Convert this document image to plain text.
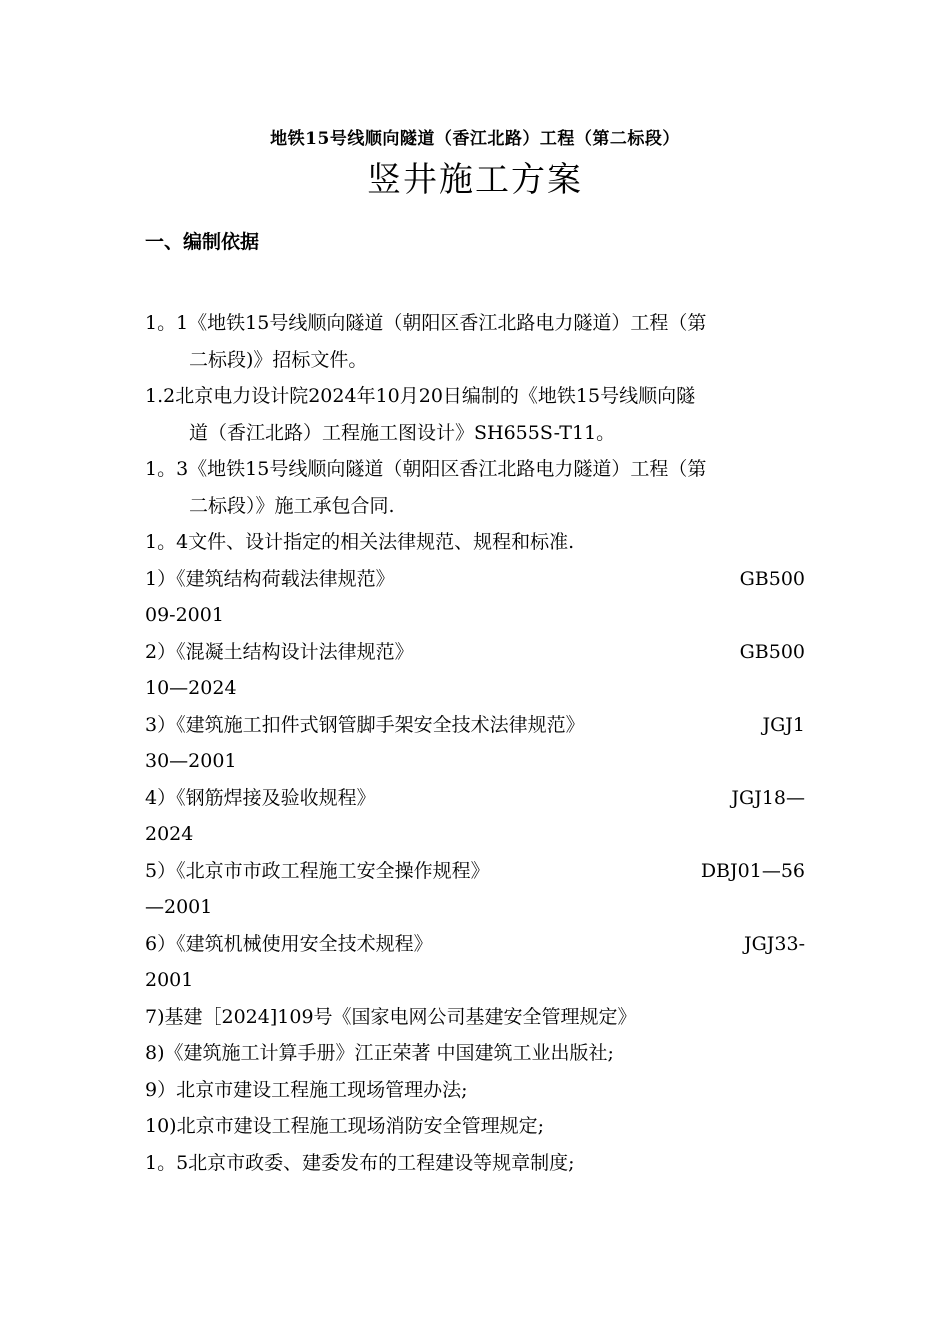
地铁15号线顺向隧道（香江北路）工程（第二标段）
竖井施工方案
一、编制依据
1。1《地铁15号线顺向隧道（朝阳区香江北路电力隧道）工程（第
二标段)》招标文件。
1.2北京电力设计院2024年10月20日编制的《地铁15号线顺向隧
道（香江北路）工程施工图设计》SH655S-T11。
1。3《地铁15号线顺向隧道（朝阳区香江北路电力隧道）工程（第
二标段）》施工承包合同.
1。4文件、设计指定的相关法律规范、规程和标准.
1）《建筑结构荷载法律规范》	GB500
09-2001
2）《混凝土结构设计法律规范》	GB500
10—2024
3）《建筑施工扣件式钢管脚手架安全技术法律规范》	JGJ1
30—2001
4）《钢筋焊接及验收规程》	JGJ18—
2024
5）《北京市市政工程施工安全操作规程》	DBJ01—56
—2001
6）《建筑机械使用安全技术规程》	JGJ33-
2001
7)基建［2024]109号《国家电网公司基建安全管理规定》
8)《建筑施工计算手册》江正荣著 中国建筑工业出版社;
9）北京市建设工程施工现场管理办法;
10)北京市建设工程施工现场消防安全管理规定;
1。5北京市政委、建委发布的工程建设等规章制度;
